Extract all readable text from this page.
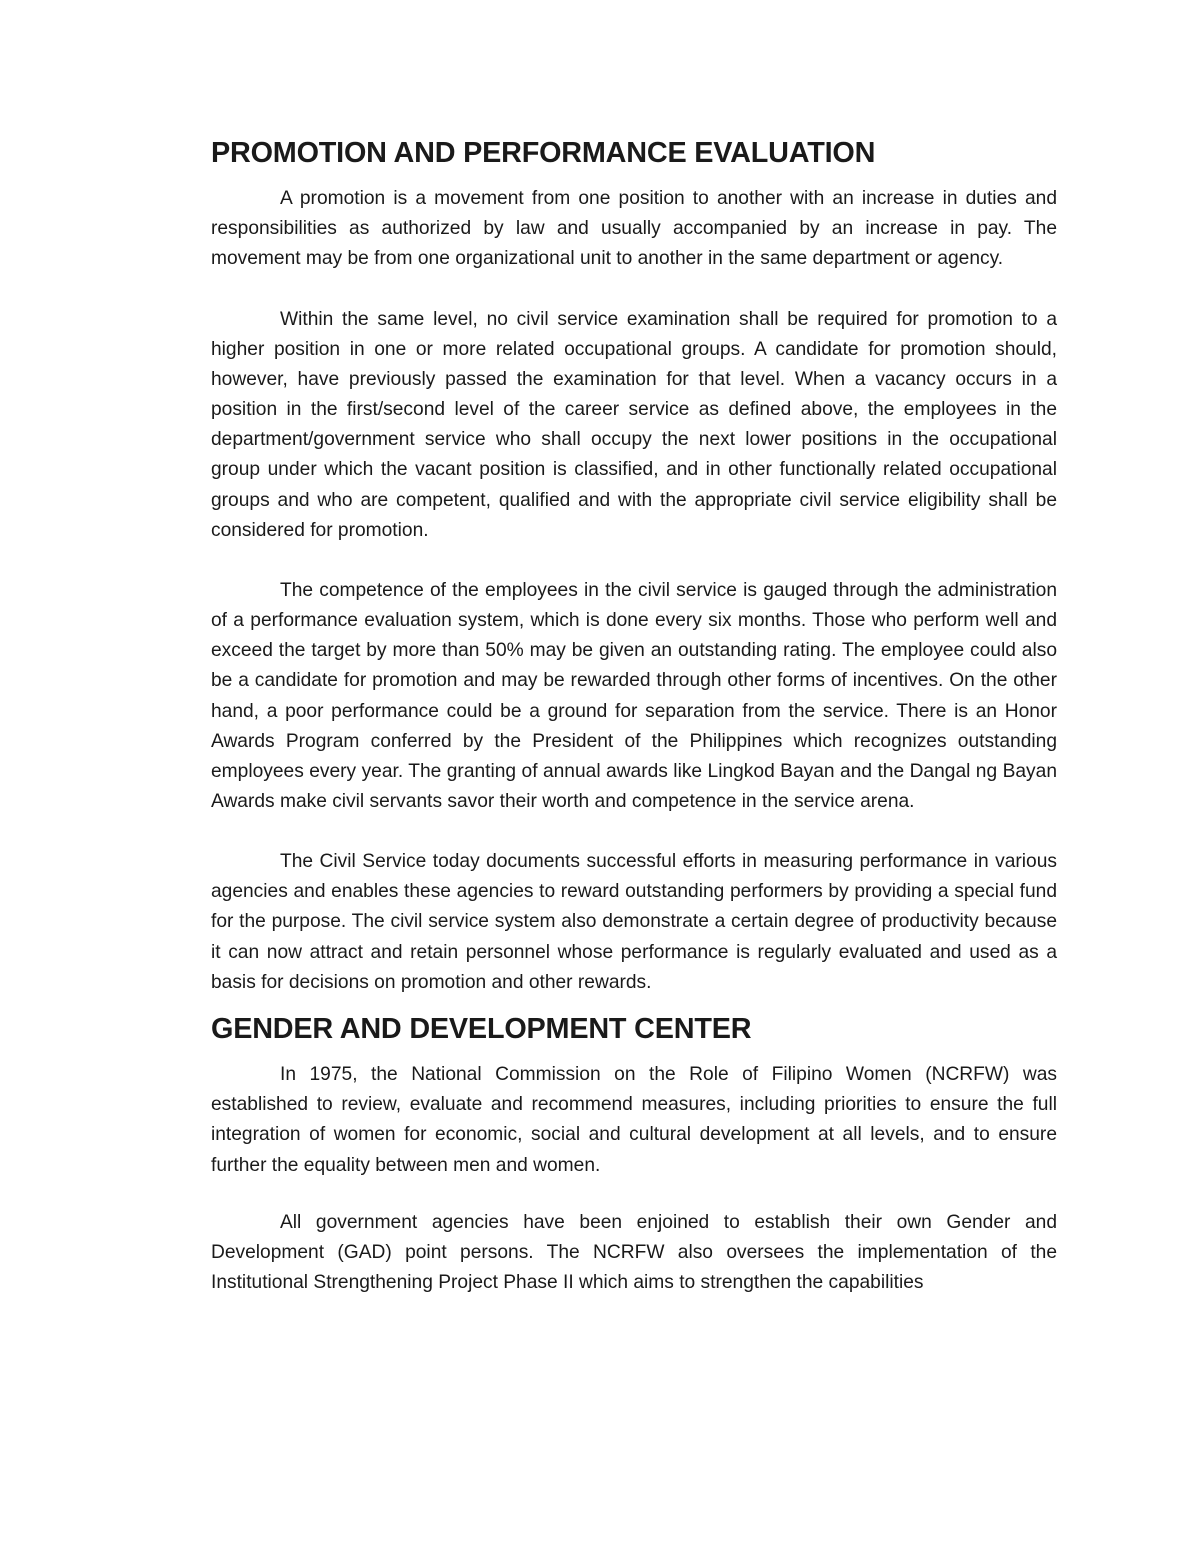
PROMOTION AND PERFORMANCE EVALUATION

A promotion is a movement from one position to another with an increase in duties and responsibilities as authorized by law and usually accompanied by an increase in pay. The movement may be from one organizational unit to another in the same department or agency.

Within the same level, no civil service examination shall be required for promotion to a higher position in one or more related occupational groups. A candidate for promotion should, however, have previously passed the examination for that level. When a vacancy occurs in a position in the first/second level of the career service as defined above, the employees in the department/government service who shall occupy the next lower positions in the occupational group under which the vacant position is classified, and in other functionally related occupational groups and who are competent, qualified and with the appropriate civil service eligibility shall be considered for promotion.

The competence of the employees in the civil service is gauged through the administration of a performance evaluation system, which is done every six months. Those who perform well and exceed the target by more than 50% may be given an outstanding rating. The employee could also be a candidate for promotion and may be rewarded through other forms of incentives. On the other hand, a poor performance could be a ground for separation from the service. There is an Honor Awards Program conferred by the President of the Philippines which recognizes outstanding employees every year. The granting of annual awards like Lingkod Bayan and the Dangal ng Bayan Awards make civil servants savor their worth and competence in the service arena.

The Civil Service today documents successful efforts in measuring performance in various agencies and enables these agencies to reward outstanding performers by providing a special fund for the purpose. The civil service system also demonstrate a certain degree of productivity because it can now attract and retain personnel whose performance is regularly evaluated and used as a basis for decisions on promotion and other rewards.

GENDER AND DEVELOPMENT CENTER

In 1975, the National Commission on the Role of Filipino Women (NCRFW) was established to review, evaluate and recommend measures, including priorities to ensure the full integration of women for economic, social and cultural development at all levels, and to ensure further the equality between men and women.

All government agencies have been enjoined to establish their own Gender and Development (GAD) point persons. The NCRFW also oversees the implementation of the Institutional Strengthening Project Phase II which aims to strengthen the capabilities
